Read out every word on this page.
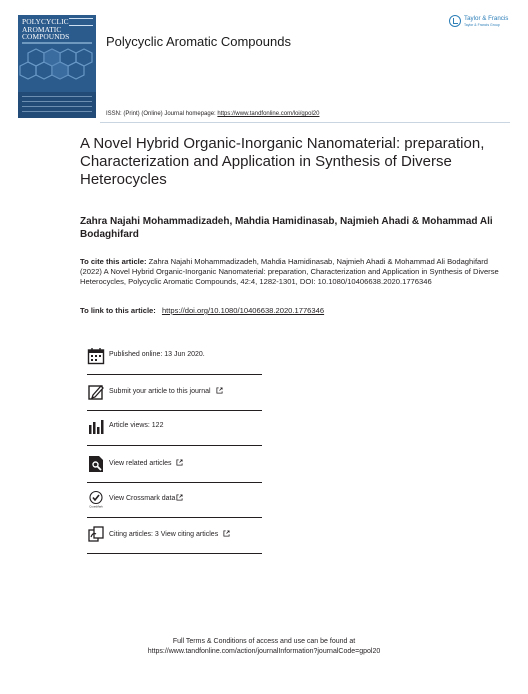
POLYCYCLIC
AROMATIC
COMPOUNDS	Polycyclic Aromatic Compounds
Taylor & Francis
Taylor & Francis Group
ISSN: (Print) (Online) Journal homepage: https://www.tandfonline.com/loi/gpol20
A Novel Hybrid Organic-Inorganic Nanomaterial: preparation, Characterization and Application in Synthesis of Diverse Heterocycles
Zahra Najahi Mohammadizadeh, Mahdia Hamidinasab, Najmieh Ahadi & Mohammad Ali Bodaghifard
To cite this article: Zahra Najahi Mohammadizadeh, Mahdia Hamidinasab, Najmieh Ahadi & Mohammad Ali Bodaghifard (2022) A Novel Hybrid Organic-Inorganic Nanomaterial: preparation, Characterization and Application in Synthesis of Diverse Heterocycles, Polycyclic Aromatic Compounds, 42:4, 1282-1301, DOI: 10.1080/10406638.2020.1776346
To link to this article: https://doi.org/10.1080/10406638.2020.1776346
Published online: 13 Jun 2020.
Submit your article to this journal
Article views: 122
View related articles
CrossMark
View Crossmark data
Citing articles: 3 View citing articles
Full Terms & Conditions of access and use can be found at
https://www.tandfonline.com/action/journalInformation?journalCode=gpol20
